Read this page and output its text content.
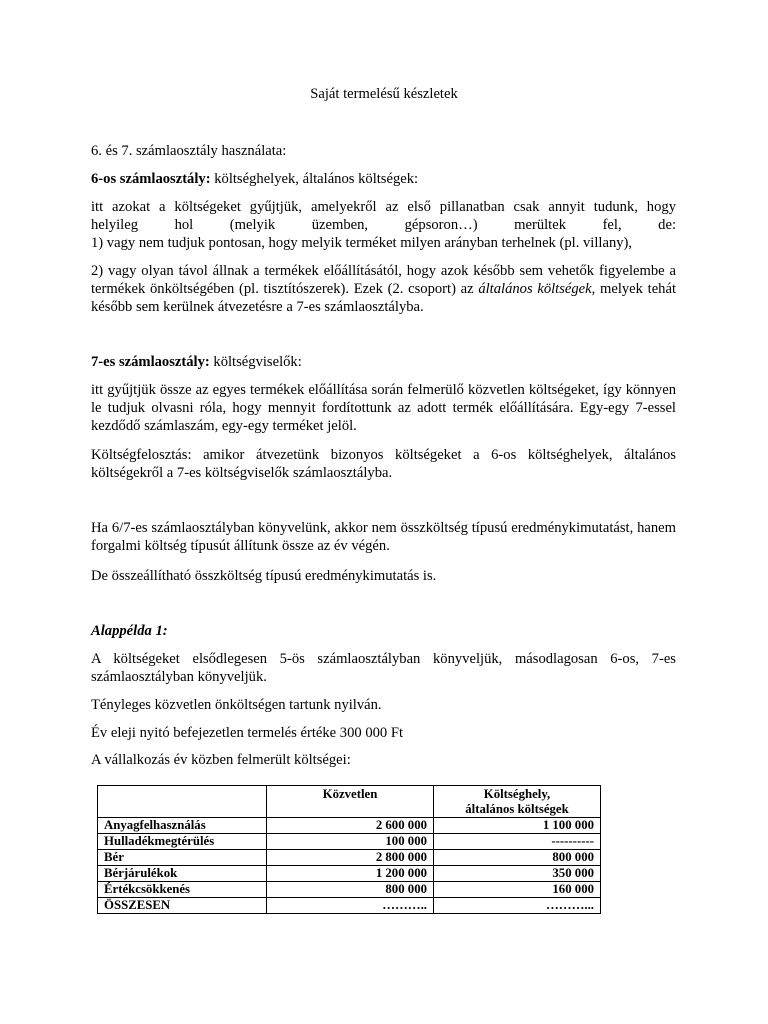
Saját termelésű készletek
6. és 7. számlaosztály használata:
6-os számlaosztály: költséghelyek, általános költségek:
itt azokat a költségeket gyűjtjük, amelyekről az első pillanatban csak annyit tudunk, hogy
helyileg hol (melyik üzemben, gépsoron…) merültek fel, de:
1) vagy nem tudjuk pontosan, hogy melyik terméket milyen arányban terhelnek (pl. villany),
2) vagy olyan távol állnak a termékek előállításától, hogy azok később sem vehetők figyelembe a termékek önköltségében (pl. tisztítószerek). Ezek (2. csoport) az általános költségek, melyek tehát később sem kerülnek átvezetésre a 7-es számlaosztályba.
7-es számlaosztály: költségviselők:
itt gyűjtjük össze az egyes termékek előállítása során felmerülő közvetlen költségeket, így könnyen le tudjuk olvasni róla, hogy mennyit fordítottunk az adott termék előállítására. Egy-egy 7-essel kezdődő számlaszám, egy-egy terméket jelöl.
Költségfelosztás: amikor átvezetünk bizonyos költségeket a 6-os költséghelyek, általános költségekről a 7-es költségviselők számlaosztályba.
Ha 6/7-es számlaosztályban könyvelünk, akkor nem összköltség típusú eredménykimutatást, hanem forgalmi költség típusút állítunk össze az év végén.
De összeállítható összköltség típusú eredménykimutatás is.
Alappélda 1:
A költségeket elsődlegesen 5-ös számlaosztályban könyveljük, másodlagosan 6-os, 7-es számlaosztályban könyveljük.
Tényleges közvetlen önköltségen tartunk nyilván.
Év eleji nyitó befejezetlen termelés értéke 300 000 Ft
A vállalkozás év közben felmerült költségei:
	Közvetlen	Költséghely,
általános költségek

Anyagfelhasználás	2 600 000	1 100 000
Hulladékmegtérülés	100 000	----------
Bér	2 800 000	800 000
Bérjárulékok	1 200 000	350 000
Értékcsökkenés	800 000	160 000
ÖSSZESEN	………..	………...
